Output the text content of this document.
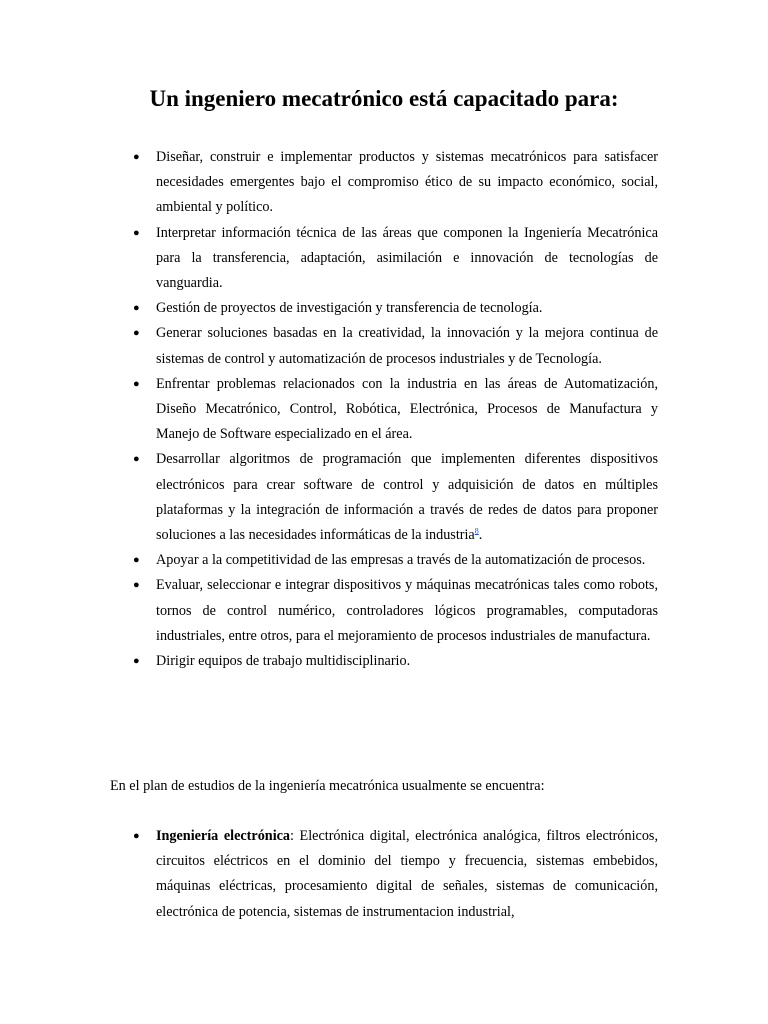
Un ingeniero mecatrónico está capacitado para:
● Diseñar, construir e implementar productos y sistemas mecatrónicos para satisfacer necesidades emergentes bajo el compromiso ético de su impacto económico, social, ambiental y político.
● Interpretar información técnica de las áreas que componen la Ingeniería Mecatrónica para la transferencia, adaptación, asimilación e innovación de tecnologías de vanguardia.
● Gestión de proyectos de investigación y transferencia de tecnología.
● Generar soluciones basadas en la creatividad, la innovación y la mejora continua de sistemas de control y automatización de procesos industriales y de Tecnología.
● Enfrentar problemas relacionados con la industria en las áreas de Automatización, Diseño Mecatrónico, Control, Robótica, Electrónica, Procesos de Manufactura y Manejo de Software especializado en el área.
● Desarrollar algoritmos de programación que implementen diferentes dispositivos electrónicos para crear software de control y adquisición de datos en múltiples plataformas y la integración de información a través de redes de datos para proponer soluciones a las necesidades informáticas de la industria$^8$.
● Apoyar a la competitividad de las empresas a través de la automatización de procesos.
● Evaluar, seleccionar e integrar dispositivos y máquinas mecatrónicas tales como robots, tornos de control numérico, controladores lógicos programables, computadoras industriales, entre otros, para el mejoramiento de procesos industriales de manufactura.
● Dirigir equipos de trabajo multidisciplinario.

En el plan de estudios de la ingeniería mecatrónica usualmente se encuentra:

● Ingeniería electrónica: Electrónica digital, electrónica analógica, filtros electrónicos, circuitos eléctricos en el dominio del tiempo y frecuencia, sistemas embebidos, máquinas eléctricas, procesamiento digital de señales, sistemas de comunicación, electrónica de potencia, sistemas de instrumentacion industrial,
